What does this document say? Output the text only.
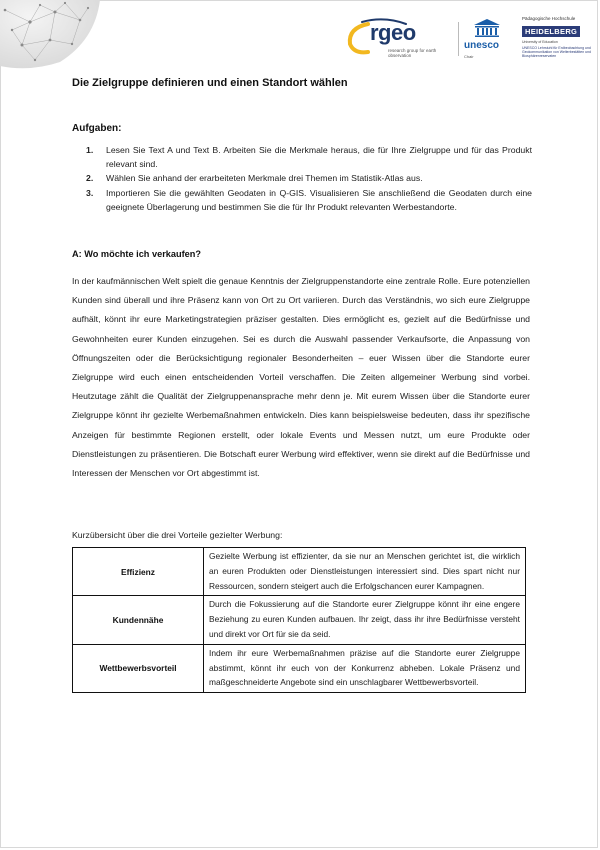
rgeo
research group for earth observation
unesco
Chair
Pädagogische Hochschule
HEIDELBERG
University of Education
UNESCO Lehrstuhl für Erdbeobachtung und Geokommunikation von Welterbestätten und Biosphärenreservaten
Die Zielgruppe definieren und einen Standort wählen
Aufgaben:
1. Lesen Sie Text A und Text B. Arbeiten Sie die Merkmale heraus, die für Ihre Zielgruppe und für das Produkt relevant sind.
2. Wählen Sie anhand der erarbeiteten Merkmale drei Themen im Statistik-Atlas aus.
3. Importieren Sie die gewählten Geodaten in Q-GIS. Visualisieren Sie anschließend die Geodaten durch eine geeignete Überlagerung und bestimmen Sie die für Ihr Produkt relevanten Werbestandorte.
A: Wo möchte ich verkaufen?

In der kaufmännischen Welt spielt die genaue Kenntnis der Zielgruppenstandorte eine zentrale Rolle. Eure potenziellen Kunden sind überall und ihre Präsenz kann von Ort zu Ort variieren. Durch das Verständnis, wo sich eure Zielgruppe aufhält, könnt ihr eure Marketingstrategien präziser gestalten. Dies ermöglicht es, gezielt auf die Bedürfnisse und Gewohnheiten eurer Kunden einzugehen. Sei es durch die Auswahl passender Verkaufsorte, die Anpassung von Öffnungszeiten oder die Berücksichtigung regionaler Besonderheiten – euer Wissen über die Standorte eurer Zielgruppe wird euch einen entscheidenden Vorteil verschaffen. Die Zeiten allgemeiner Werbung sind vorbei. Heutzutage zählt die Qualität der Zielgruppenansprache mehr denn je. Mit eurem Wissen über die Standorte eurer Zielgruppe könnt ihr gezielte Werbemaßnahmen entwickeln. Dies kann beispielsweise bedeuten, dass ihr spezifische Anzeigen für bestimmte Regionen erstellt, oder lokale Events und Messen nutzt, um eure Produkte oder Dienstleistungen zu präsentieren. Die Botschaft eurer Werbung wird effektiver, wenn sie direkt auf die Bedürfnisse und Interessen der Menschen vor Ort abgestimmt ist.

Kurzübersicht über die drei Vorteile gezielter Werbung:
Effizienz	Gezielte Werbung ist effizienter, da sie nur an Menschen gerichtet ist, die wirklich an euren Produkten oder Dienstleistungen interessiert sind. Dies spart nicht nur Ressourcen, sondern steigert auch die Erfolgschancen eurer Kampagnen.
Kundennähe	Durch die Fokussierung auf die Standorte eurer Zielgruppe könnt ihr eine engere Beziehung zu euren Kunden aufbauen. Ihr zeigt, dass ihr ihre Bedürfnisse versteht und direkt vor Ort für sie da seid.
Wettbewerbsvorteil	Indem ihr eure Werbemaßnahmen präzise auf die Standorte eurer Zielgruppe abstimmt, könnt ihr euch von der Konkurrenz abheben. Lokale Präsenz und maßgeschneiderte Angebote sind ein unschlagbarer Wettbewerbsvorteil.
